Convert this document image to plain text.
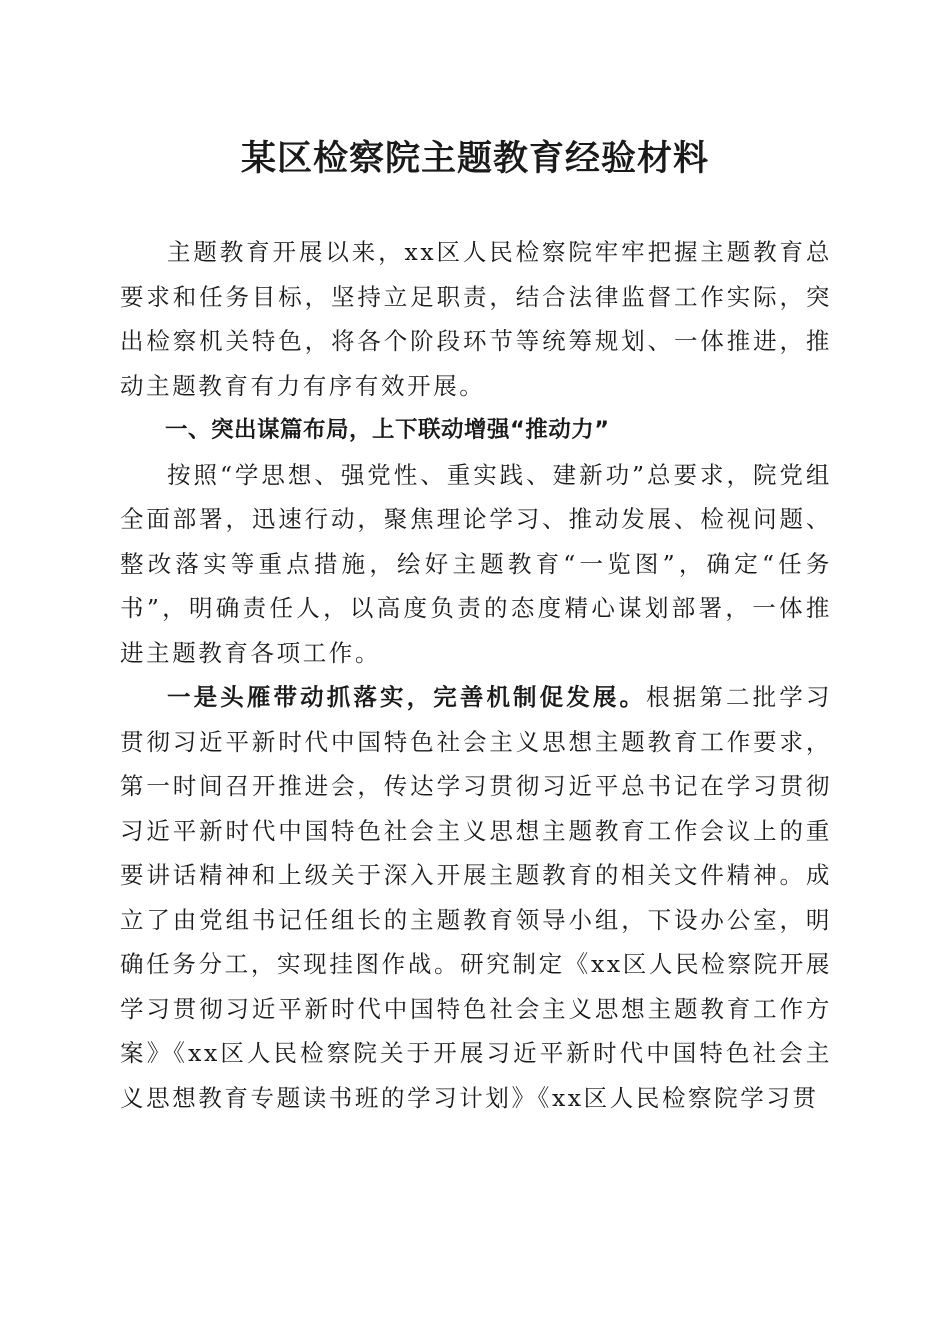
某区检察院主题教育经验材料

主题教育开展以来，xx区人民检察院牢牢把握主题教育总要求和任务目标，坚持立足职责，结合法律监督工作实际，突出检察机关特色，将各个阶段环节等统筹规划、一体推进，推动主题教育有力有序有效开展。

一、突出谋篇布局，上下联动增强“推动力”

按照“学思想、强党性、重实践、建新功”总要求，院党组全面部署，迅速行动，聚焦理论学习、推动发展、检视问题、整改落实等重点措施，绘好主题教育“一览图”，确定“任务书”，明确责任人，以高度负责的态度精心谋划部署，一体推进主题教育各项工作。

一是头雁带动抓落实，完善机制促发展。根据第二批学习贯彻习近平新时代中国特色社会主义思想主题教育工作要求，第一时间召开推进会，传达学习贯彻习近平总书记在学习贯彻习近平新时代中国特色社会主义思想主题教育工作会议上的重要讲话精神和上级关于深入开展主题教育的相关文件精神。成立了由党组书记任组长的主题教育领导小组，下设办公室，明确任务分工，实现挂图作战。研究制定《xx区人民检察院开展学习贯彻习近平新时代中国特色社会主义思想主题教育工作方案》《xx区人民检察院关于开展习近平新时代中国特色社会主义思想教育专题读书班的学习计划》《xx区人民检察院学习贯
